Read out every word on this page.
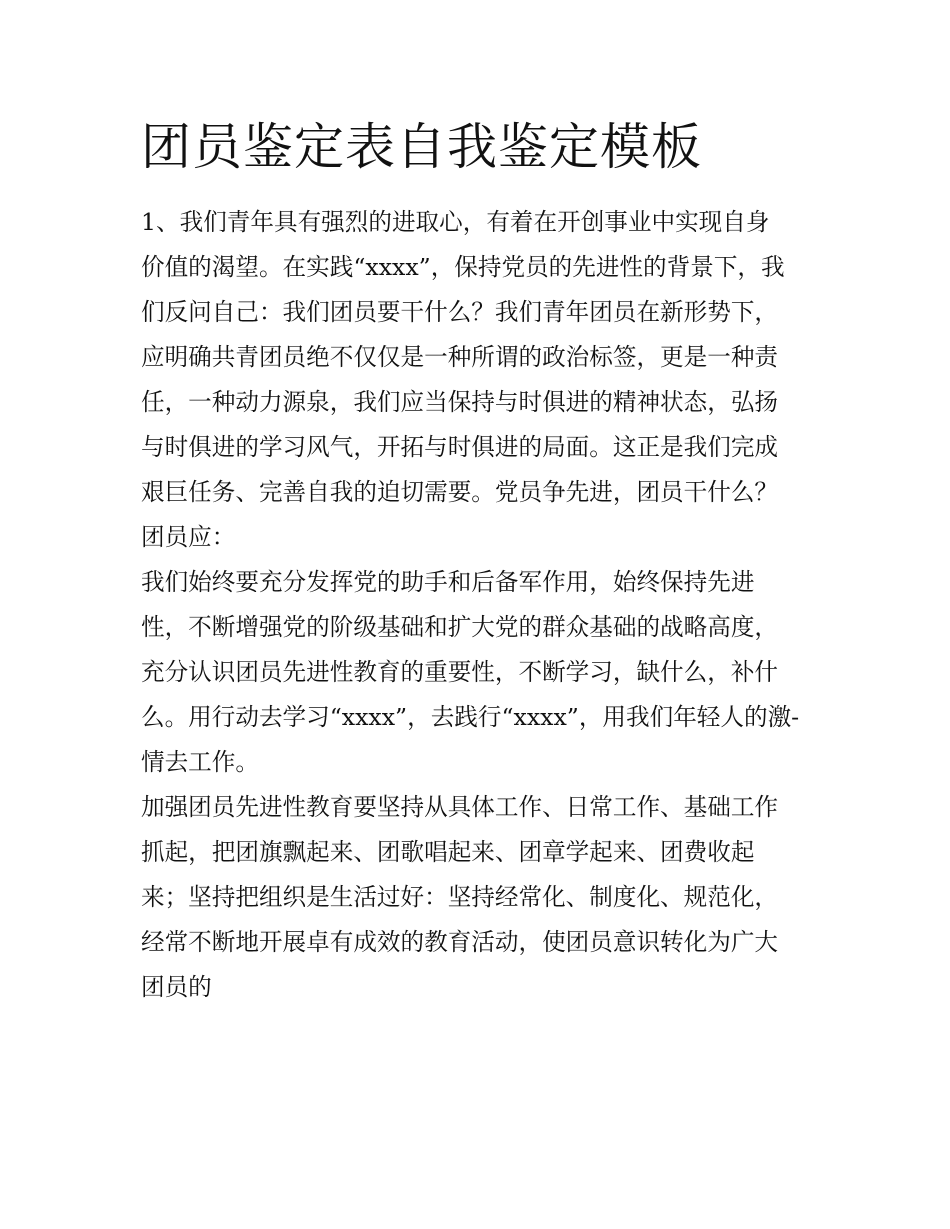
团员鉴定表自我鉴定模板

1、我们青年具有强烈的进取心，有着在开创事业中实现自身

价值的渴望。在实践“xxxx”，保持党员的先进性的背景下，我

们反问自己：我们团员要干什么？我们青年团员在新形势下，

应明确共青团员绝不仅仅是一种所谓的政治标签，更是一种责

任，一种动力源泉，我们应当保持与时俱进的精神状态，弘扬

与时俱进的学习风气，开拓与时俱进的局面。这正是我们完成

艰巨任务、完善自我的迫切需要。党员争先进，团员干什么？

团员应：

我们始终要充分发挥党的助手和后备军作用，始终保持先进

性，不断增强党的阶级基础和扩大党的群众基础的战略高度，

充分认识团员先进性教育的重要性，不断学习，缺什么，补什

么。用行动去学习“xxxx”，去践行“xxxx”，用我们年轻人的激-

情去工作。

加强团员先进性教育要坚持从具体工作、日常工作、基础工作

抓起，把团旗飘起来、团歌唱起来、团章学起来、团费收起

来；坚持把组织是生活过好：坚持经常化、制度化、规范化，

经常不断地开展卓有成效的教育活动，使团员意识转化为广大

团员的
